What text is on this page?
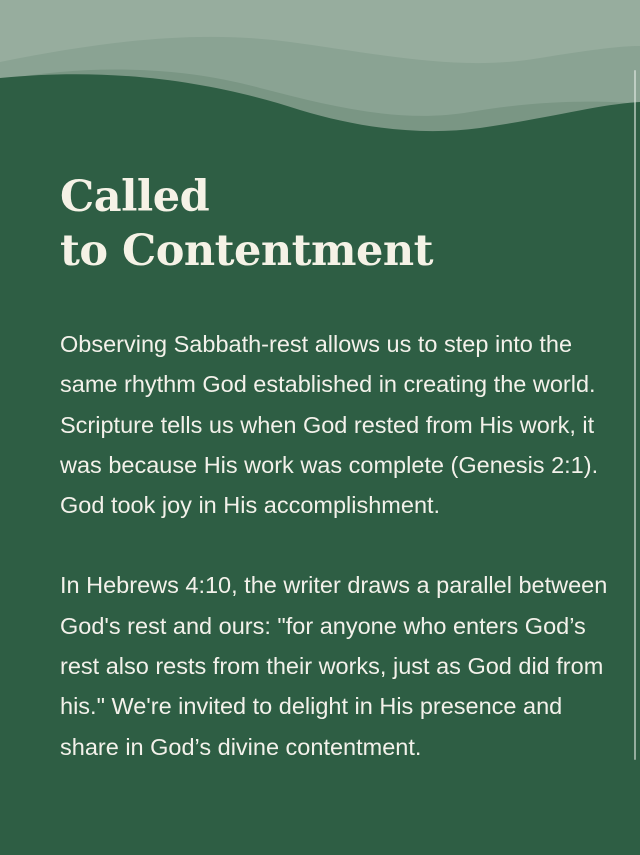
Called
to Contentment

Observing Sabbath-rest allows us to step into the same rhythm God established in creating the world. Scripture tells us when God rested from His work, it was because His work was complete (Genesis 2:1). God took joy in His accomplishment.

In Hebrews 4:10, the writer draws a parallel between God's rest and ours: "for anyone who enters God’s rest also rests from their works, just as God did from his." We're invited to delight in His presence and share in God’s divine contentment.
